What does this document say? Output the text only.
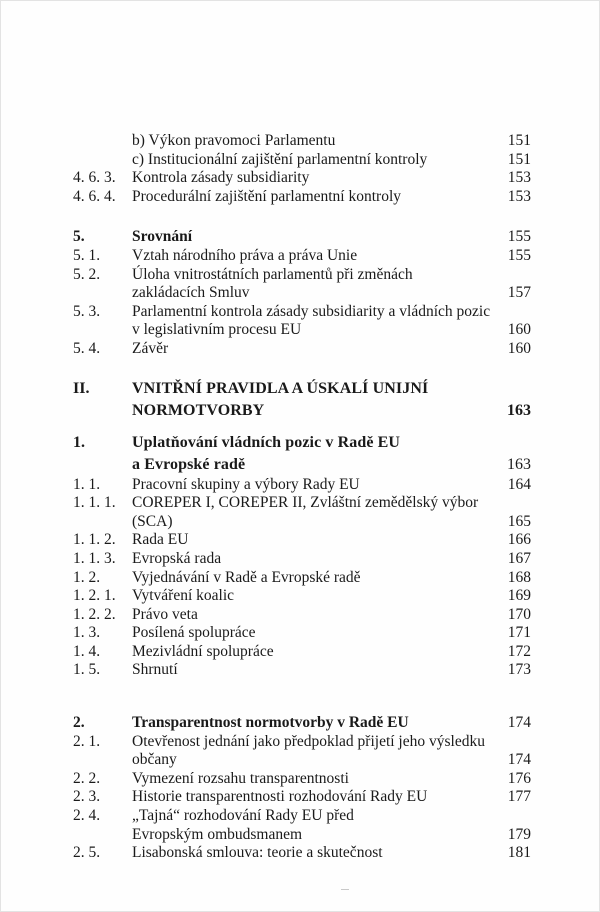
b) Výkon pravomoci Parlamentu	151
c) Institucionální zajištění parlamentní kontroly	151
4. 6. 3. Kontrola zásady subsidiarity	153
4. 6. 4. Procedurální zajištění parlamentní kontroly	153
5.	Srovnání	155
5. 1. Vztah národního práva a práva Unie	155
5. 2. Úloha vnitrostátních parlamentů při změnách
zakládacích Smluv	157
5. 3. Parlamentní kontrola zásady subsidiarity a vládních pozic
v legislativním procesu EU	160
5. 4. Závěr	160
II.	VNITŘNÍ PRAVIDLA A ÚSKALÍ UNIJNÍ
NORMOTVORBY	163
1.	Uplatňování vládních pozic v Radě EU
a Evropské radě	163
1. 1. Pracovní skupiny a výbory Rady EU	164
1. 1. 1. COREPER I, COREPER II, Zvláštní zemědělský výbor
(SCA)	165
1. 1. 2. Rada EU	166
1. 1. 3. Evropská rada	167
1. 2. Vyjednávání v Radě a Evropské radě	168
1. 2. 1. Vytváření koalic	169
1. 2. 2. Právo veta	170
1. 3. Posílená spolupráce	171
1. 4. Mezivládní spolupráce	172
1. 5. Shrnutí	173
2.	Transparentnost normotvorby v Radě EU	174
2. 1. Otevřenost jednání jako předpoklad přijetí jeho výsledku
občany	174
2. 2. Vymezení rozsahu transparentnosti	176
2. 3. Historie transparentnosti rozhodování Rady EU	177
2. 4. „Tajná“ rozhodování Rady EU před
Evropským ombudsmanem	179
2. 5. Lisabonská smlouva: teorie a skutečnost	181
